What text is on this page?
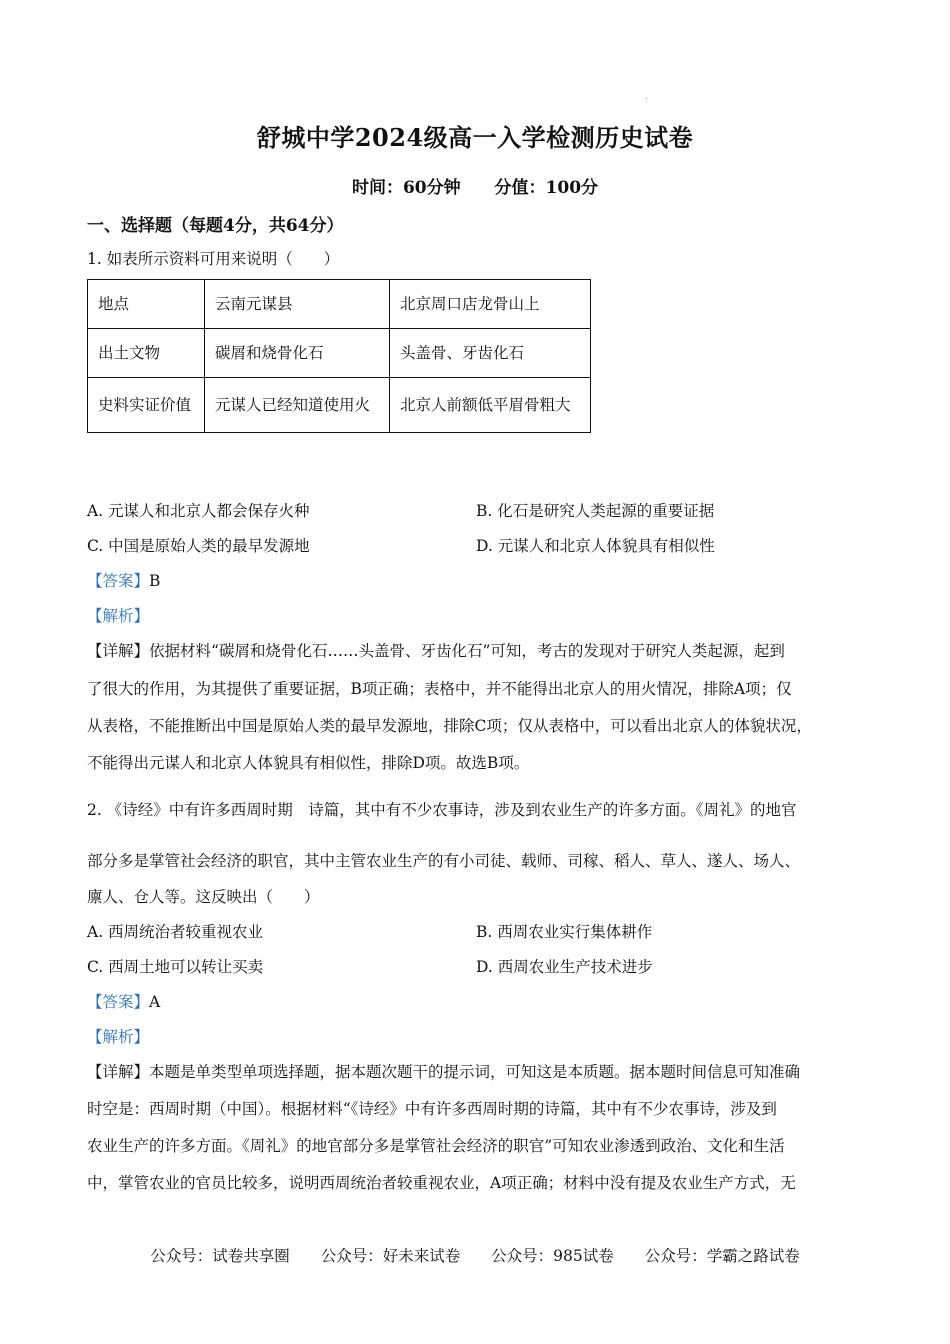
舒城中学2024级高一入学检测历史试卷
时间：60分钟 分值：100分
一、选择题（每题4分，共64分）
1. 如表所示资料可用来说明（　　）
地点	云南元谋县	北京周口店龙骨山上
出土文物	碳屑和烧骨化石	头盖骨、牙齿化石
史料实证价值	元谋人已经知道使用火	北京人前额低平眉骨粗大
A. 元谋人和北京人都会保存火种	B. 化石是研究人类起源的重要证据
C. 中国是原始人类的最早发源地	D. 元谋人和北京人体貌具有相似性
【答案】B
【解析】
【详解】依据材料“碳屑和烧骨化石……头盖骨、牙齿化石”可知，考古的发现对于研究人类起源，起到
了很大的作用，为其提供了重要证据，B项正确；表格中，并不能得出北京人的用火情况，排除A项；仅
从表格，不能推断出中国是原始人类的最早发源地，排除C项；仅从表格中，可以看出北京人的体貌状况，
不能得出元谋人和北京人体貌具有相似性，排除D项。故选B项。
2. 《诗经》中有许多西周时期　诗篇，其中有不少农事诗，涉及到农业生产的许多方面。《周礼》的地官
部分多是掌管社会经济的职官，其中主管农业生产的有小司徒、载师、司稼、稻人、草人、遂人、场人、
廪人、仓人等。这反映出（　　）
A. 西周统治者较重视农业	B. 西周农业实行集体耕作
C. 西周土地可以转让买卖	D. 西周农业生产技术进步
【答案】A
【解析】
【详解】本题是单类型单项选择题，据本题次题干的提示词，可知这是本质题。据本题时间信息可知准确
时空是：西周时期（中国）。根据材料“《诗经》中有许多西周时期的诗篇，其中有不少农事诗，涉及到
农业生产的许多方面。《周礼》的地官部分多是掌管社会经济的职官”可知农业渗透到政治、文化和生活
中，掌管农业的官员比较多，说明西周统治者较重视农业，A项正确；材料中没有提及农业生产方式，无
公众号：试卷共享圈 公众号：好未来试卷 公众号：985试卷 公众号：学霸之路试卷
